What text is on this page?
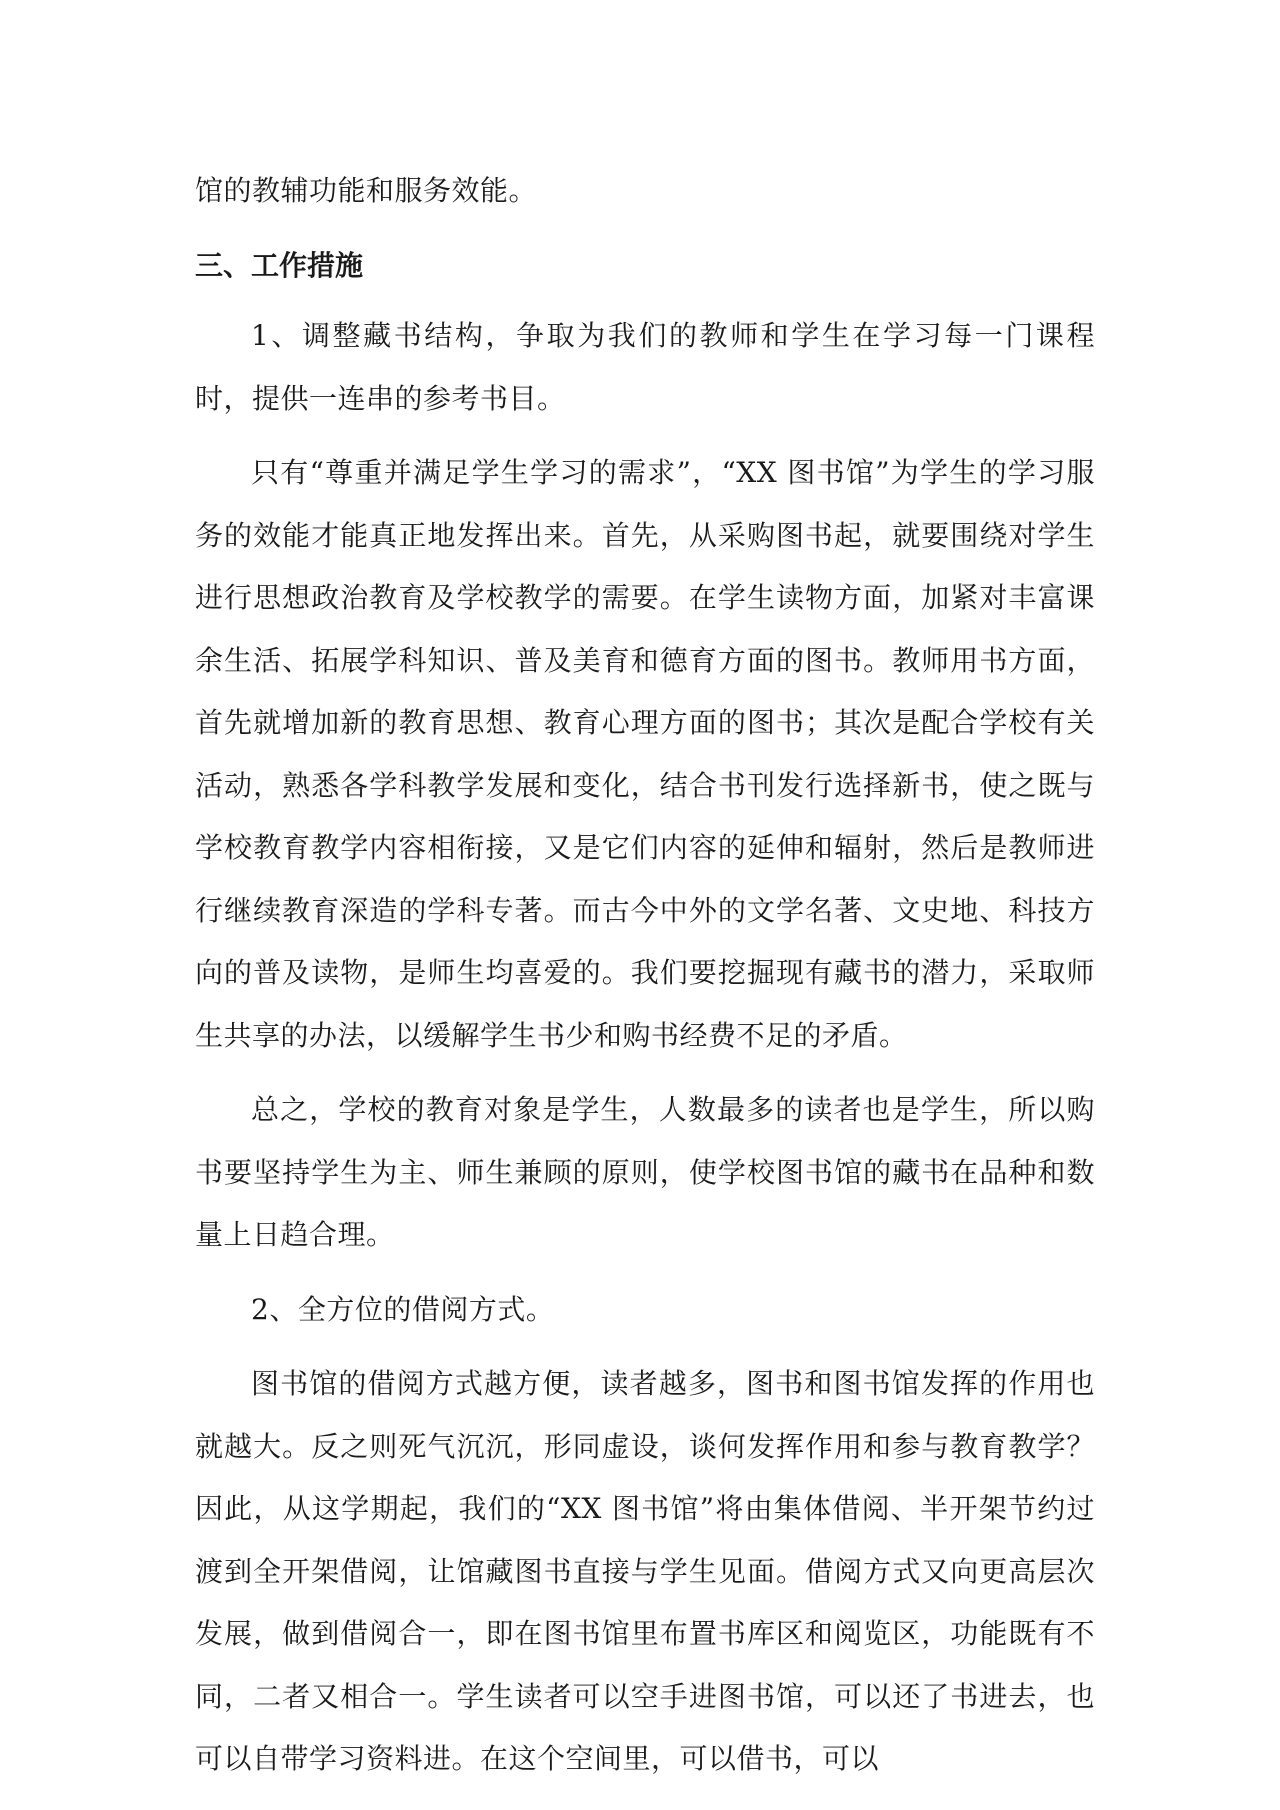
馆的教辅功能和服务效能。

三、工作措施

1、调整藏书结构，争取为我们的教师和学生在学习每一门课程时，提供一连串的参考书目。

只有“尊重并满足学生学习的需求”，“XX 图书馆”为学生的学习服务的效能才能真正地发挥出来。首先，从采购图书起，就要围绕对学生进行思想政治教育及学校教学的需要。在学生读物方面，加紧对丰富课余生活、拓展学科知识、普及美育和德育方面的图书。教师用书方面，首先就增加新的教育思想、教育心理方面的图书；其次是配合学校有关活动，熟悉各学科教学发展和变化，结合书刊发行选择新书，使之既与学校教育教学内容相衔接，又是它们内容的延伸和辐射，然后是教师进行继续教育深造的学科专著。而古今中外的文学名著、文史地、科技方向的普及读物，是师生均喜爱的。我们要挖掘现有藏书的潜力，采取师生共享的办法，以缓解学生书少和购书经费不足的矛盾。

总之，学校的教育对象是学生，人数最多的读者也是学生，所以购书要坚持学生为主、师生兼顾的原则，使学校图书馆的藏书在品种和数量上日趋合理。

2、全方位的借阅方式。

图书馆的借阅方式越方便，读者越多，图书和图书馆发挥的作用也就越大。反之则死气沉沉，形同虚设，谈何发挥作用和参与教育教学？因此，从这学期起，我们的“XX 图书馆”将由集体借阅、半开架节约过渡到全开架借阅，让馆藏图书直接与学生见面。借阅方式又向更高层次发展，做到借阅合一，即在图书馆里布置书库区和阅览区，功能既有不同，二者又相合一。学生读者可以空手进图书馆，可以还了书进去，也可以自带学习资料进。在这个空间里，可以借书，可以
